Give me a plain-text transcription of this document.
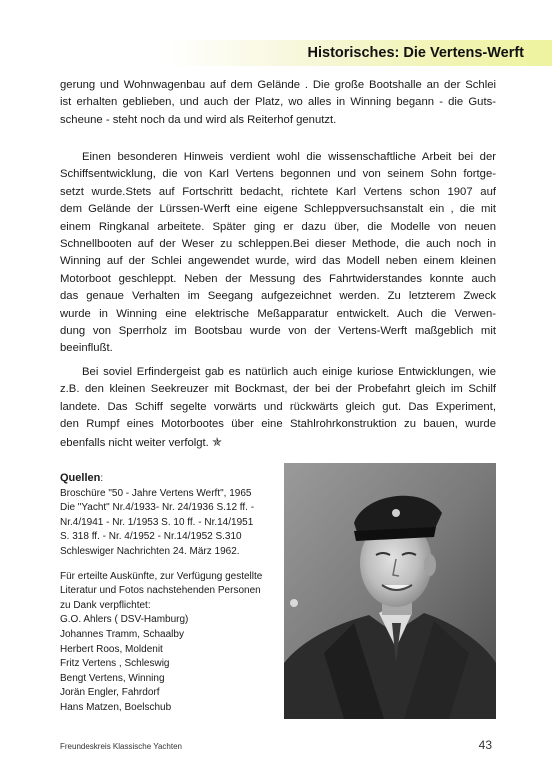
Historisches: Die Vertens-Werft
gerung und Wohnwagenbau auf dem Gelände . Die große Bootshalle an der Schlei
ist erhalten geblieben, und auch der Platz, wo alles in Winning begann - die Guts-
scheune - steht noch da und wird als Reiterhof genutzt.
Einen besonderen Hinweis verdient wohl die wissenschaftliche Arbeit bei der
Schiffsentwicklung, die von Karl Vertens begonnen und von seinem Sohn fortge-
setzt wurde.Stets auf Fortschritt bedacht, richtete Karl Vertens schon 1907 auf
dem Gelände der Lürssen-Werft eine eigene Schleppversuchsanstalt ein , die mit
einem Ringkanal arbeitete. Später ging er dazu über, die Modelle von neuen
Schnellbooten auf der Weser zu schleppen.Bei dieser Methode, die auch noch in
Winning auf der Schlei angewendet wurde, wird das Modell neben einem kleinen
Motorboot geschleppt. Neben der Messung des Fahrtwiderstandes konnte auch
das genaue Verhalten im Seegang aufgezeichnet werden. Zu letzterem Zweck
wurde in Winning eine elektrische Meßapparatur entwickelt. Auch die Verwen-
dung von Sperrholz im Bootsbau wurde von der Vertens-Werft maßgeblich mit
beeinflußt.
Bei soviel Erfindergeist gab es natürlich auch einige kuriose Entwicklungen, wie
z.B. den kleinen Seekreuzer mit Bockmast, der bei der Probefahrt gleich im Schilf
landete. Das Schiff segelte vorwärts und rückwärts gleich gut. Das Experiment,
den Rumpf eines Motorbootes über eine Stahlrohrkonstruktion zu bauen, wurde
ebenfalls nicht weiter verfolgt. ✯
Quellen:
Broschüre "50 - Jahre Vertens Werft", 1965
Die "Yacht" Nr.4/1933- Nr. 24/1936 S.12 ff. -
Nr.4/1941 - Nr. 1/1953 S. 10 ff. - Nr.14/1951
S. 318 ff. - Nr. 4/1952 - Nr.14/1952 S.310
Schleswiger Nachrichten 24. März 1962.
Für erteilte Auskünfte, zur Verfügung gestellte
Literatur und Fotos nachstehenden Personen
zu Dank verpflichtet:
G.O. Ahlers ( DSV-Hamburg)
Johannes Tramm, Schaalby
Herbert Roos, Moldenit
Fritz Vertens , Schleswig
Bengt Vertens, Winning
Jorän Engler, Fahrdorf
Hans Matzen, Boelschub
Freundeskreis Klassische Yachten	43
